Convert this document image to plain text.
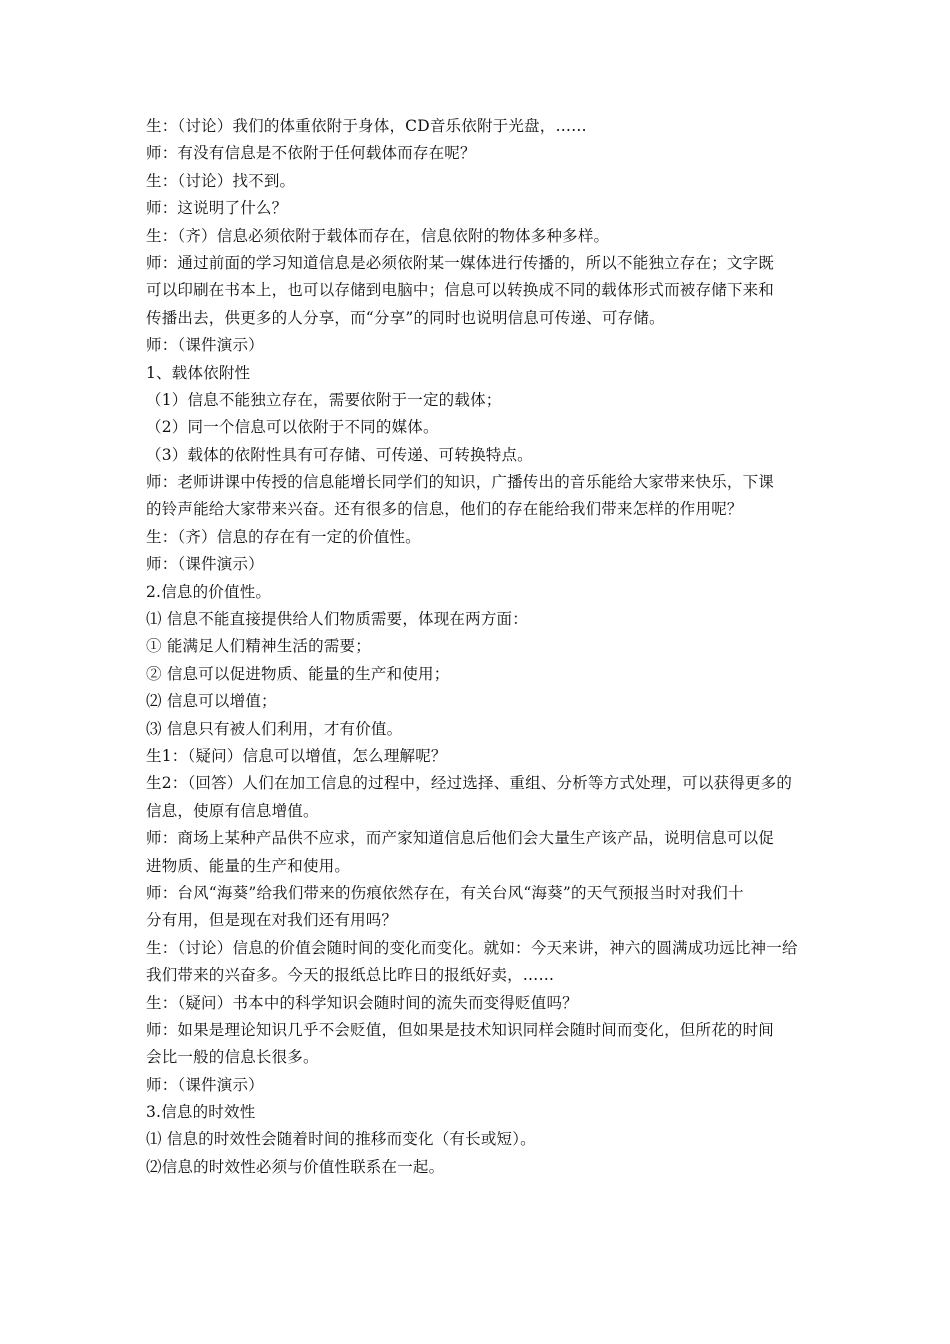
生：（讨论）我们的体重依附于身体，CD音乐依附于光盘，……
师：有没有信息是不依附于任何载体而存在呢？
生：（讨论）找不到。
师：这说明了什么？
生：（齐）信息必须依附于载体而存在，信息依附的物体多种多样。
师：通过前面的学习知道信息是必须依附某一媒体进行传播的，所以不能独立存在；文字既
可以印刷在书本上，也可以存储到电脑中；信息可以转换成不同的载体形式而被存储下来和
传播出去，供更多的人分享，而“分享”的同时也说明信息可传递、可存储。
师：（课件演示）
1、载体依附性
（1）信息不能独立存在，需要依附于一定的载体；
（2）同一个信息可以依附于不同的媒体。
（3）载体的依附性具有可存储、可传递、可转换特点。
师：老师讲课中传授的信息能增长同学们的知识，广播传出的音乐能给大家带来快乐，下课
的铃声能给大家带来兴奋。还有很多的信息，他们的存在能给我们带来怎样的作用呢？
生：（齐）信息的存在有一定的价值性。
师：（课件演示）
2.信息的价值性。
⑴ 信息不能直接提供给人们物质需要，体现在两方面：
① 能满足人们精神生活的需要；
② 信息可以促进物质、能量的生产和使用；
⑵ 信息可以增值；
⑶ 信息只有被人们利用，才有价值。
生1：（疑问）信息可以增值，怎么理解呢？
生2：（回答）人们在加工信息的过程中，经过选择、重组、分析等方式处理，可以获得更多的
信息，使原有信息增值。
师：商场上某种产品供不应求，而产家知道信息后他们会大量生产该产品，说明信息可以促
进物质、能量的生产和使用。
师：台风“海葵”给我们带来的伤痕依然存在，有关台风“海葵”的天气预报当时对我们十
分有用，但是现在对我们还有用吗？
生：（讨论）信息的价值会随时间的变化而变化。就如：今天来讲，神六的圆满成功远比神一给
我们带来的兴奋多。今天的报纸总比昨日的报纸好卖，……
生：（疑问）书本中的科学知识会随时间的流失而变得贬值吗？
师：如果是理论知识几乎不会贬值，但如果是技术知识同样会随时间而变化，但所花的时间
会比一般的信息长很多。
师：（课件演示）
3.信息的时效性
⑴ 信息的时效性会随着时间的推移而变化（有长或短）。
⑵信息的时效性必须与价值性联系在一起。
